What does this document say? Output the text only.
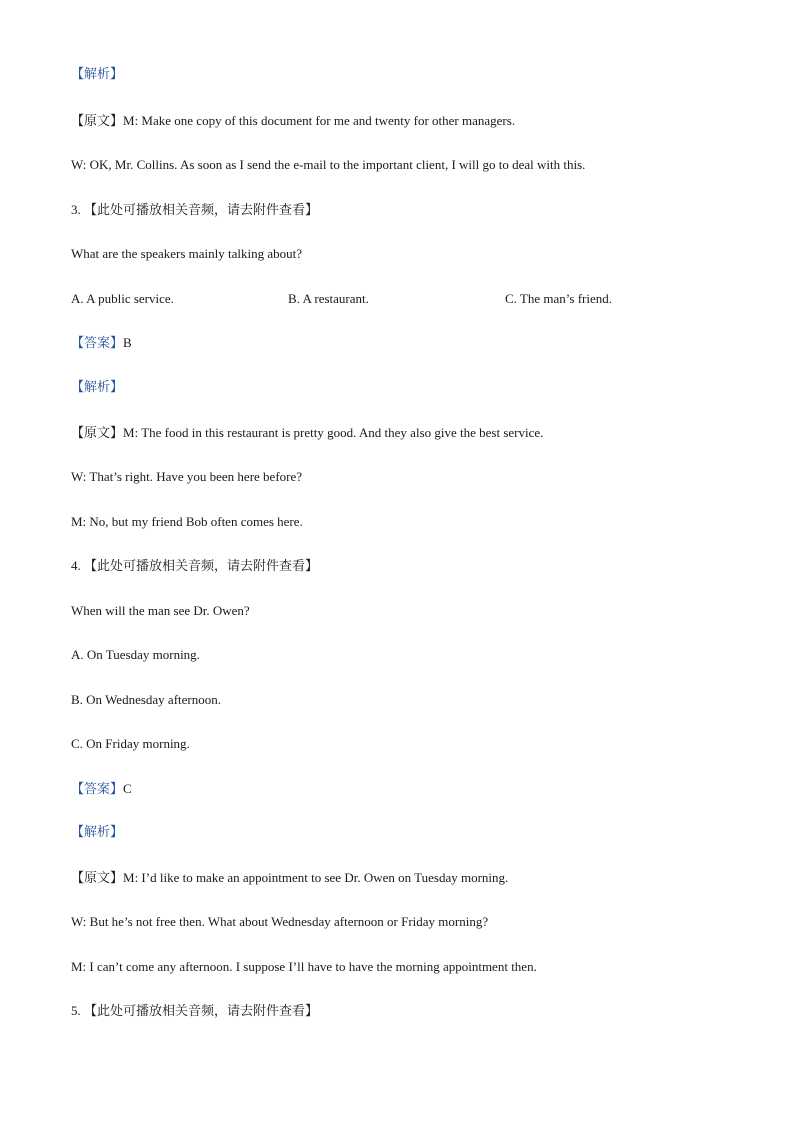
【解析】
【原文】M: Make one copy of this document for me and twenty for other managers.
W: OK, Mr. Collins. As soon as I send the e-mail to the important client, I will go to deal with this.
3. 【此处可播放相关音频，请去附件查看】
What are the speakers mainly talking about?
A. A public service.	B. A restaurant.	C. The man’s friend.
【答案】B
【解析】
【原文】M: The food in this restaurant is pretty good. And they also give the best service.
W: That’s right. Have you been here before?
M: No, but my friend Bob often comes here.
4. 【此处可播放相关音频，请去附件查看】
When will the man see Dr. Owen?
A. On Tuesday morning.
B. On Wednesday afternoon.
C. On Friday morning.
【答案】C
【解析】
【原文】M: I’d like to make an appointment to see Dr. Owen on Tuesday morning.
W: But he’s not free then. What about Wednesday afternoon or Friday morning?
M: I can’t come any afternoon. I suppose I’ll have to have the morning appointment then.
5. 【此处可播放相关音频，请去附件查看】
